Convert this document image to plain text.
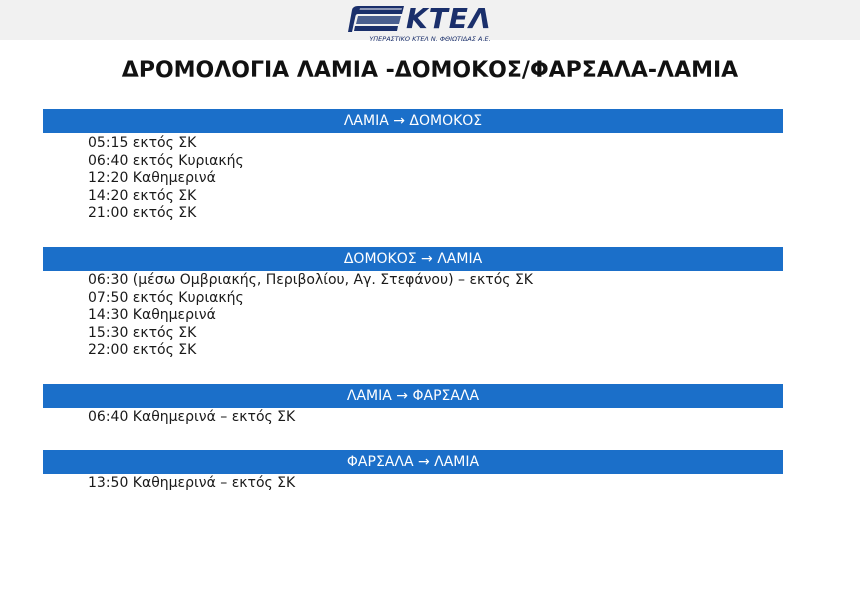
ΚΤΕΛ
ΥΠΕΡΑΣΤΙΚΟ ΚΤΕΛ Ν. ΦΘΙΩΤΙΔΑΣ Α.Ε.
ΔΡΟΜΟΛΟΓΙΑ ΛΑΜΙΑ -ΔΟΜΟΚΟΣ/ΦΑΡΣΑΛΑ-ΛΑΜΙΑ
ΛΑΜΙΑ → ΔΟΜΟΚΟΣ
05:15 εκτός ΣΚ
06:40 εκτός Κυριακής
12:20 Καθημερινά
14:20 εκτός ΣΚ
21:00 εκτός ΣΚ
ΔΟΜΟΚΟΣ → ΛΑΜΙΑ
06:30 (μέσω Ομβριακής, Περιβολίου, Αγ. Στεφάνου) – εκτός ΣΚ
07:50 εκτός Κυριακής
14:30 Καθημερινά
15:30 εκτός ΣΚ
22:00 εκτός ΣΚ
ΛΑΜΙΑ → ΦΑΡΣΑΛΑ
06:40 Καθημερινά – εκτός ΣΚ
ΦΑΡΣΑΛΑ → ΛΑΜΙΑ
13:50 Καθημερινά – εκτός ΣΚ
